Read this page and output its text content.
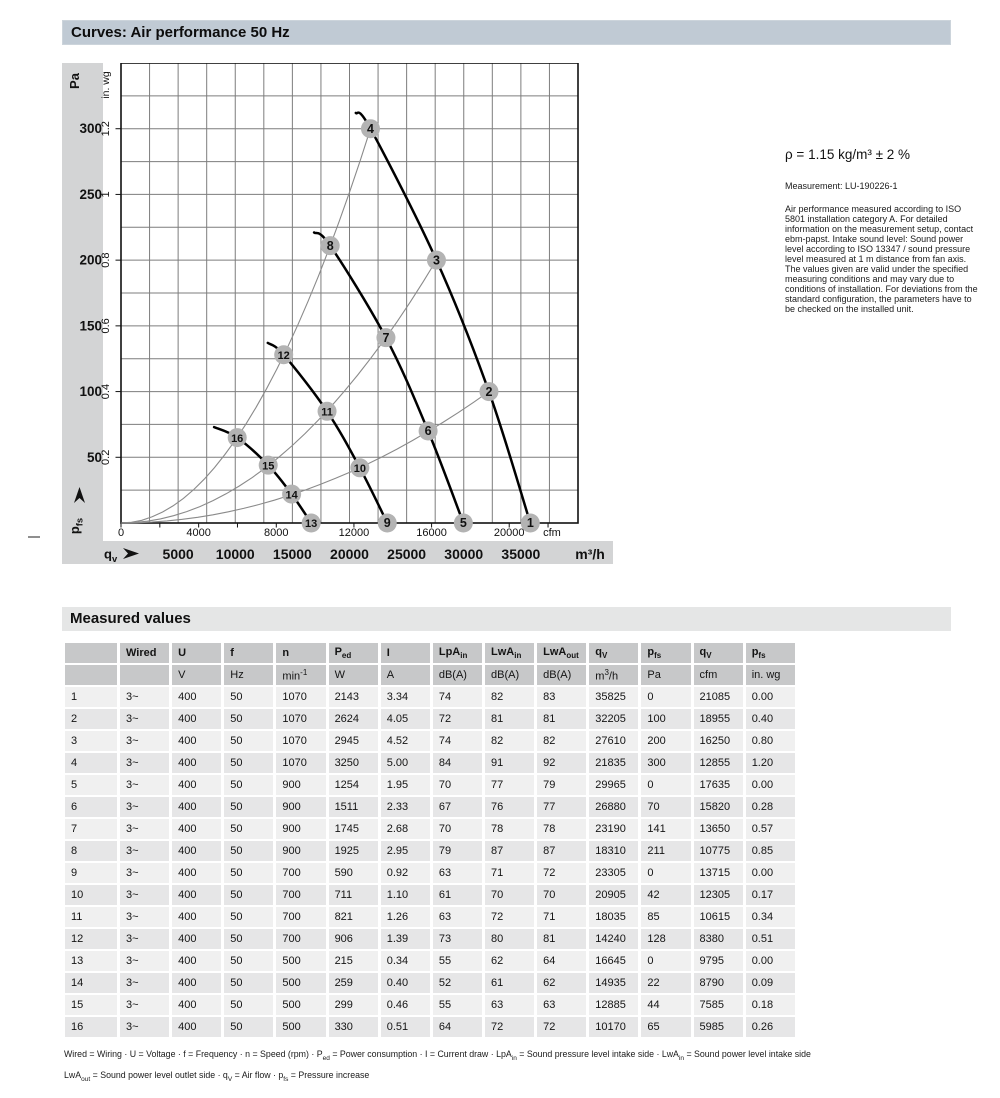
Curves: Air performance 50 Hz
4
3
2
1
8
7
6
5
12
11
10
9
16
15
14
13
Pa
300
250
200
150
100
50
in. wg
1.2
1
0.8
0.6
0.4
0.2
0	4000	8000	12000	16000	20000 cfm
5000 10000 15000 20000 25000 30000 35000 m³/h
$q_v$
$p_{fs}$
ρ = 1.15 kg/m³ ± 2 %
Measurement: LU-190226-1
Air performance measured according to ISO 5801 installation category A. For detailed information on the measurement setup, contact ebm-papst. Intake sound level: Sound power level according to ISO 13347 / sound pressure level measured at 1 m distance from fan axis. The values given are valid under the specified measuring conditions and may vary due to conditions of installation. For deviations from the standard configuration, the parameters have to be checked on the installed unit.
Measured values
	Wired	U	f	n	$P_{ed}$	I	LpA$_{in}$	LwA$_{in}$	LwA$_{out}$	$q_V$	$p_{fs}$	$q_V$	$p_{fs}$
		V	Hz	$\min^{-1}$	W	A	dB(A)	dB(A)	dB(A)	$m^3/h$	Pa	cfm	in. wg
1	3~	400	50	1070	2143	3.34	74	82	83	35825	0	21085	0.00
2	3~	400	50	1070	2624	4.05	72	81	81	32205	100	18955	0.40
3	3~	400	50	1070	2945	4.52	74	82	82	27610	200	16250	0.80
4	3~	400	50	1070	3250	5.00	84	91	92	21835	300	12855	1.20
5	3~	400	50	900	1254	1.95	70	77	79	29965	0	17635	0.00
6	3~	400	50	900	1511	2.33	67	76	77	26880	70	15820	0.28
7	3~	400	50	900	1745	2.68	70	78	78	23190	141	13650	0.57
8	3~	400	50	900	1925	2.95	79	87	87	18310	211	10775	0.85
9	3~	400	50	700	590	0.92	63	71	72	23305	0	13715	0.00
10	3~	400	50	700	711	1.10	61	70	70	20905	42	12305	0.17
11	3~	400	50	700	821	1.26	63	72	71	18035	85	10615	0.34
12	3~	400	50	700	906	1.39	73	80	81	14240	128	8380	0.51
13	3~	400	50	500	215	0.34	55	62	64	16645	0	9795	0.00
14	3~	400	50	500	259	0.40	52	61	62	14935	22	8790	0.09
15	3~	400	50	500	299	0.46	55	63	63	12885	44	7585	0.18
16	3~	400	50	500	330	0.51	64	72	72	10170	65	5985	0.26
Wired = Wiring · U = Voltage · f = Frequency · n = Speed $(rpm) \cdot P_{ed}$ = Power consumption · I = Current draw · LpA$_{in}$ = Sound pressure level intake side · LwA$_{in}$ = Sound power level intake side
LwA$_{out}$ = Sound power level outlet side · $q_V$ = Air flow · $p_{fs}$ = Pressure increase
